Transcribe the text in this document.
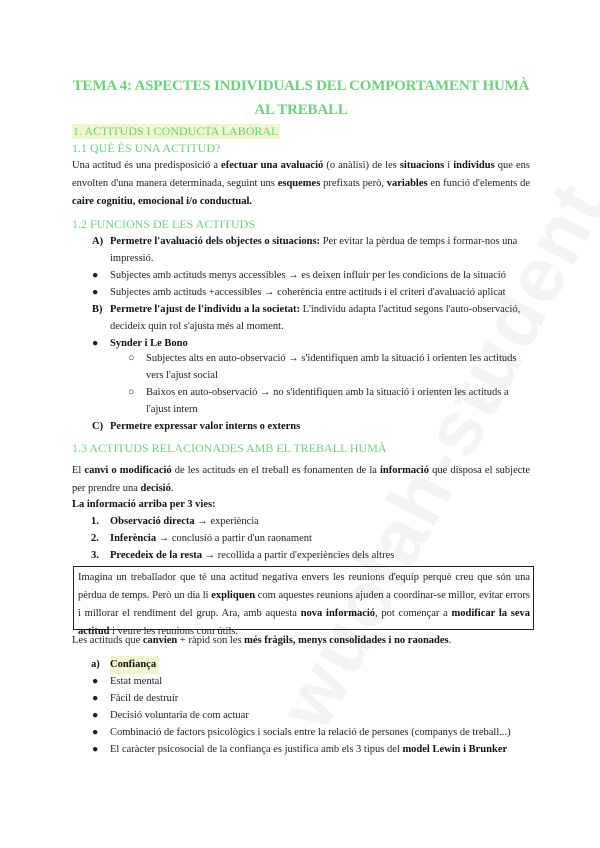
TEMA 4: ASPECTES INDIVIDUALS DEL COMPORTAMENT HUMÀ AL TREBALL
1. ACTITUDS I CONDUCTA LABORAL
1.1 QUÈ ÉS UNA ACTITUD?
Una actitud és una predisposició a efectuar una avaluació (o anàlisi) de les situacions i individus que ens envolten d'una manera determinada, seguint uns esquemes prefixats però, variables en funció d'elements de caire cognitiu, emocional i/o conductual.
1.2 FUNCIONS DE LES ACTITUDS
A) Permetre l'avaluació dels objectes o situacions: Per evitar la pèrdua de temps i formar-nos una
impressió.
● Subjectes amb actituds menys accessibles → es deixen influir per les condicions de la situació
● Subjectes amb actituds +accessibles → coherència entre actituds i el criteri d'avaluació aplicat
B) Permetre l'ajust de l'individu a la societat: L'individu adapta l'actitud segons l'auto-observació,
decideix quin rol s'ajusta més al moment.
● Synder i Le Bono
○ Subjectes alts en auto-observació → s'identifiquen amb la situació i orienten les actituds
vers l'ajust social
○ Baixos en auto-observació → no s'identifiquen amb la situació i orienten les actituds a
l'ajust intern
C) Permetre expressar valor interns o externs
1.3 ACTITUDS RELACIONADES AMB EL TREBALL HUMÀ
El canvi o modificació de les actituds en el treball es fonamenten de la informació que disposa el subjecte per prendre una decisió.
La informació arriba per 3 vies:
1. Observació directa → experiència
2. Inferència → conclusió a partir d'un raonament
3. Precedeix de la resta → recollida a partir d'experiències dels altres
Imagina un treballador que té una actitud negativa envers les reunions d'equip perquè creu que són una pèrdua de temps. Però un dia li expliquen com aquestes reunions ajuden a coordinar-se millor, evitar errors i millorar el rendiment del grup. Ara, amb aquesta nova informació, pot començar a modificar la seva actitud i veure les reunions com útils.
Les actituds que canvien + ràpid son les més fràgils, menys consolidades i no raonades.
a) Confiança
● Estat mental
● Fàcil de destruir
● Decisió voluntaria de com actuar
● Combinació de factors psicològics i socials entre la relació de persones (companys de treball...)
● El caràcter psicosocial de la confiança es justifica amb els 3 tipus del model Lewin i Brunker
